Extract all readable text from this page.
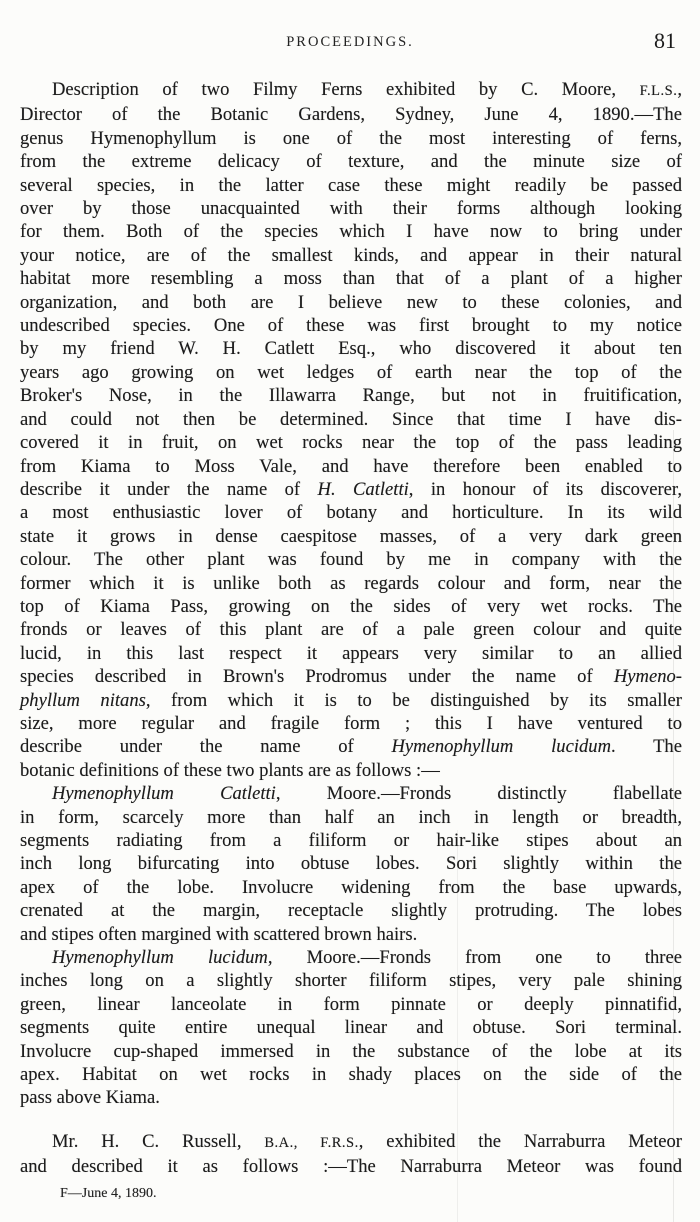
PROCEEDINGS.	81
Description of two Filmy Ferns exhibited by C. Moore, F.L.S.,
Director of the Botanic Gardens, Sydney, June 4, 1890.—The
genus Hymenophyllum is one of the most interesting of ferns,
from the extreme delicacy of texture, and the minute size of
several species, in the latter case these might readily be passed
over by those unacquainted with their forms although looking
for them. Both of the species which I have now to bring under
your notice, are of the smallest kinds, and appear in their natural
habitat more resembling a moss than that of a plant of a higher
organization, and both are I believe new to these colonies, and
undescribed species. One of these was first brought to my notice
by my friend W. H. Catlett Esq., who discovered it about ten
years ago growing on wet ledges of earth near the top of the
Broker's Nose, in the Illawarra Range, but not in fruitification,
and could not then be determined. Since that time I have dis-
covered it in fruit, on wet rocks near the top of the pass leading
from Kiama to Moss Vale, and have therefore been enabled to
describe it under the name of H. Catletti, in honour of its discoverer,
a most enthusiastic lover of botany and horticulture. In its wild
state it grows in dense caespitose masses, of a very dark green
colour. The other plant was found by me in company with the
former which it is unlike both as regards colour and form, near the
top of Kiama Pass, growing on the sides of very wet rocks. The
fronds or leaves of this plant are of a pale green colour and quite
lucid, in this last respect it appears very similar to an allied
species described in Brown's Prodromus under the name of Hymeno-
phyllum nitans, from which it is to be distinguished by its smaller
size, more regular and fragile form ; this I have ventured to
describe under the name of Hymenophyllum lucidum. The
botanic definitions of these two plants are as follows :—
Hymenophyllum Catletti, Moore.—Fronds distinctly flabellate
in form, scarcely more than half an inch in length or breadth,
segments radiating from a filiform or hair-like stipes about an
inch long bifurcating into obtuse lobes. Sori slightly within the
apex of the lobe. Involucre widening from the base upwards,
crenated at the margin, receptacle slightly protruding. The lobes
and stipes often margined with scattered brown hairs.
Hymenophyllum lucidum, Moore.—Fronds from one to three
inches long on a slightly shorter filiform stipes, very pale shining
green, linear lanceolate in form pinnate or deeply pinnatifid,
segments quite entire unequal linear and obtuse. Sori terminal.
Involucre cup-shaped immersed in the substance of the lobe at its
apex. Habitat on wet rocks in shady places on the side of the
pass above Kiama.
Mr. H. C. Russell, B.A., F.R.S., exhibited the Narraburra Meteor
and described it as follows :—The Narraburra Meteor was found
F—June 4, 1890.
